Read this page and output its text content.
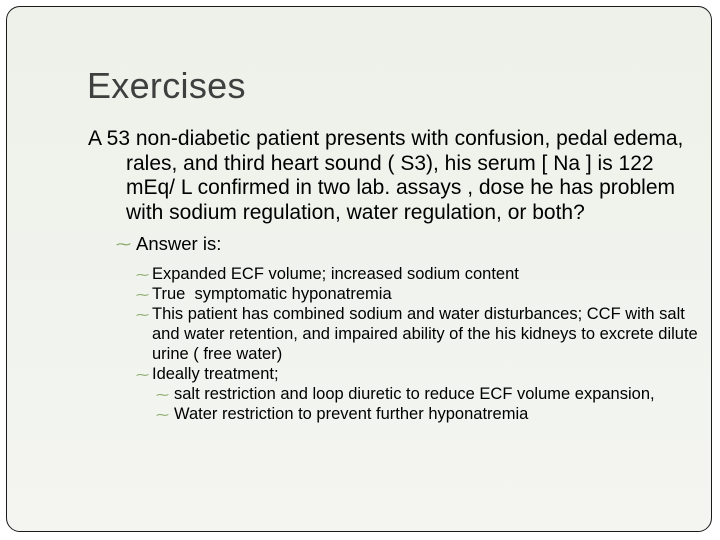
Exercises

A 53 non-diabetic patient presents with confusion, pedal edema, rales, and third heart sound ( S3), his serum [ Na ] is 122 mEq/ L confirmed in two lab. assays , dose he has problem with sodium regulation, water regulation, or both?

⁓ Answer is:
⁓ Expanded ECF volume; increased sodium content
⁓ True  symptomatic hyponatremia
⁓ This patient has combined sodium and water disturbances; CCF with salt and water retention, and impaired ability of the his kidneys to excrete dilute urine ( free water)
⁓ Ideally treatment;
⁓ salt restriction and loop diuretic to reduce ECF volume expansion,
⁓ Water restriction to prevent further hyponatremia
